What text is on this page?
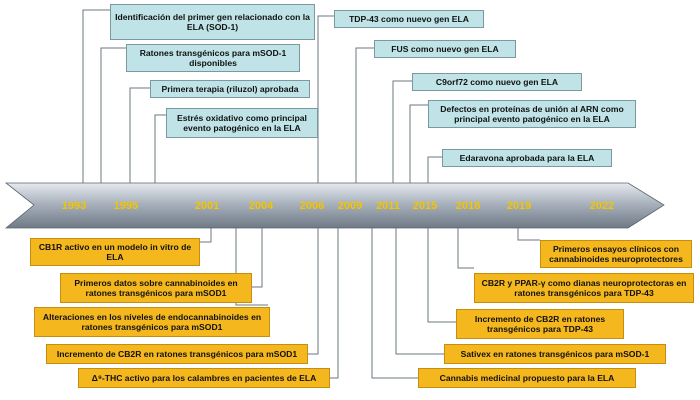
1993	1995	2001	2004 2006 2009 2011 2015 2018 2019	2022
Identificación del primer gen relacionado con la ELA (SOD-1)
Ratones transgénicos para mSOD-1 disponibles
Primera terapia (riluzol) aprobada
Estrés oxidativo como principal evento patogénico en la ELA
TDP-43 como nuevo gen ELA
FUS como nuevo gen ELA
C9orf72 como nuevo gen ELA
Defectos en proteínas de unión al ARN como principal evento patogénico en la ELA
Edaravona aprobada para la ELA
CB1R activo en un modelo in vitro de ELA
Primeros datos sobre cannabinoides en ratones transgénicos para mSOD1
Alteraciones en los niveles de endocannabinoides en ratones transgénicos para mSOD1
Incremento de CB2R en ratones transgénicos para mSOD1
Δ⁹-THC activo para los calambres en pacientes de ELA
Primeros ensayos clínicos con cannabinoides neuroprotectores
CB2R y PPAR-γ como dianas neuroprotectoras en ratones transgénicos para TDP-43
Incremento de CB2R en ratones transgénicos para TDP-43
Sativex en ratones transgénicos para mSOD-1
Cannabis medicinal propuesto para la ELA
